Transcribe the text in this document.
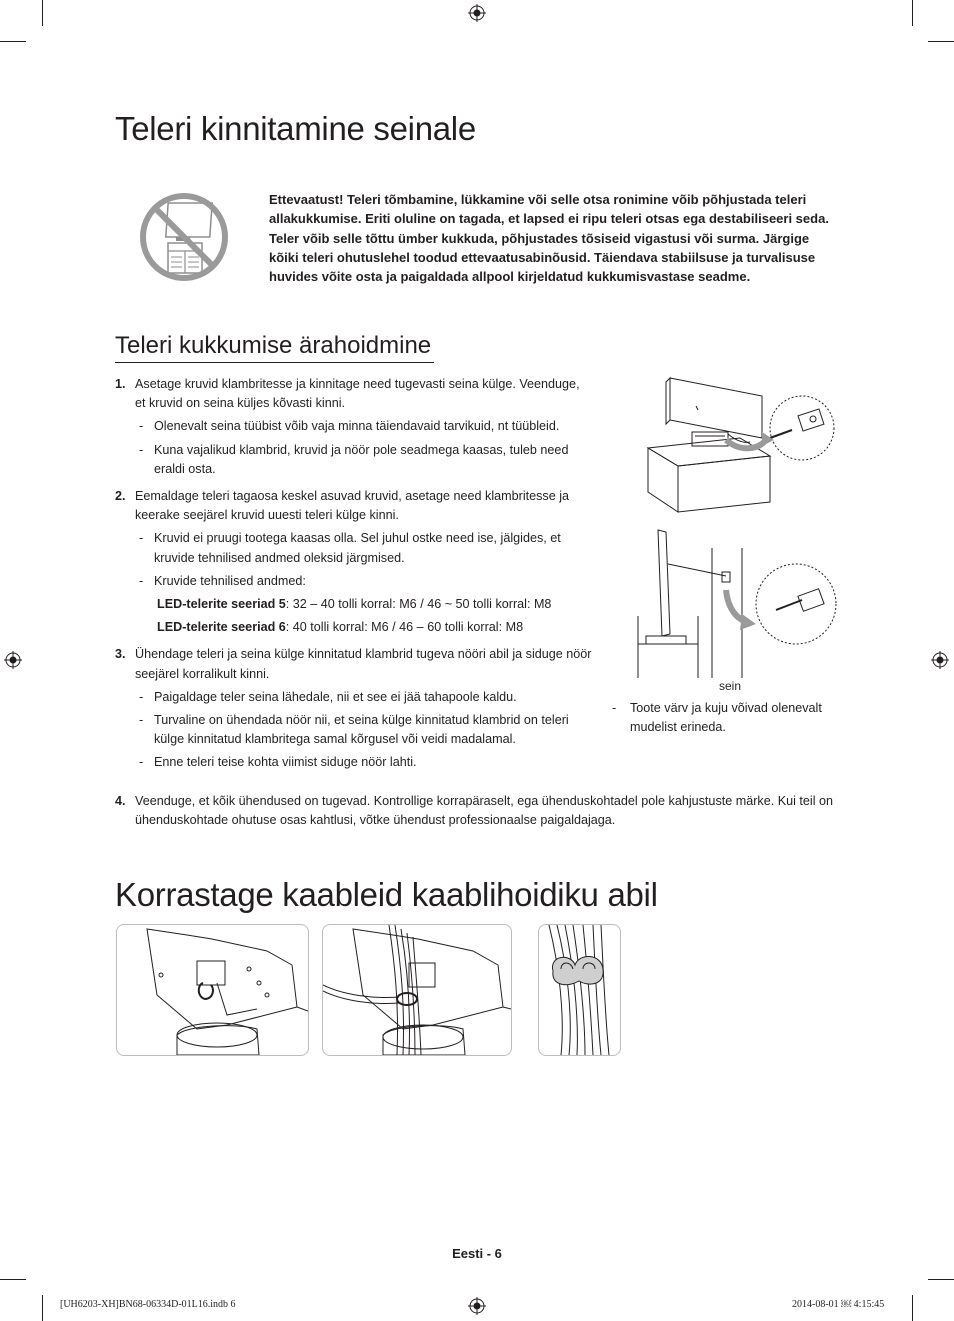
Teleri kinnitamine seinale
Ettevaatust! Teleri tõmbamine, lükkamine või selle otsa ronimine võib põhjustada teleri allakukkumise. Eriti oluline on tagada, et lapsed ei ripu teleri otsas ega destabiliseeri seda. Teler võib selle tõttu ümber kukkuda, põhjustades tõsiseid vigastusi või surma. Järgige kõiki teleri ohutuslehel toodud ettevaatusabinõusid. Täiendava stabiilsuse ja turvalisuse huvides võite osta ja paigaldada allpool kirjeldatud kukkumisvastase seadme.
Teleri kukkumise ärahoidmine
1. Asetage kruvid klambritesse ja kinnitage need tugevasti seina külge. Veenduge, et kruvid on seina küljes kõvasti kinni.
- Olenevalt seina tüübist võib vaja minna täiendavaid tarvikuid, nt tüübleid.
- Kuna vajalikud klambrid, kruvid ja nöör pole seadmega kaasas, tuleb need eraldi osta.
2. Eemaldage teleri tagaosa keskel asuvad kruvid, asetage need klambritesse ja keerake seejärel kruvid uuesti teleri külge kinni.
- Kruvid ei pruugi tootega kaasas olla. Sel juhul ostke need ise, jälgides, et kruvide tehnilised andmed oleksid järgmised.
- Kruvide tehnilised andmed:
LED-telerite seeriad 5: 32 – 40 tolli korral: M6 / 46 ~ 50 tolli korral: M8
LED-telerite seeriad 6: 40 tolli korral: M6 / 46 – 60 tolli korral: M8
3. Ühendage teleri ja seina külge kinnitatud klambrid tugeva nööri abil ja siduge nöör seejärel korralikult kinni.
- Paigaldage teler seina lähedale, nii et see ei jää tahapoole kaldu.
- Turvaline on ühendada nöör nii, et seina külge kinnitatud klambrid on teleri külge kinnitatud klambritega samal kõrgusel või veidi madalamal.
- Enne teleri teise kohta viimist siduge nöör lahti.
sein
- Toote värv ja kuju võivad olenevalt mudelist erineda.
4. Veenduge, et kõik ühendused on tugevad. Kontrollige korrapäraselt, ega ühenduskohtadel pole kahjustuste märke. Kui teil on ühenduskohtade ohutuse osas kahtlusi, võtke ühendust professionaalse paigaldajaga.
Korrastage kaableid kaablihoidiku abil
Eesti - 6
[UH6203-XH]BN68-06334D-01L16.indb 6	2014-08-01 ￼ 4:15:45
